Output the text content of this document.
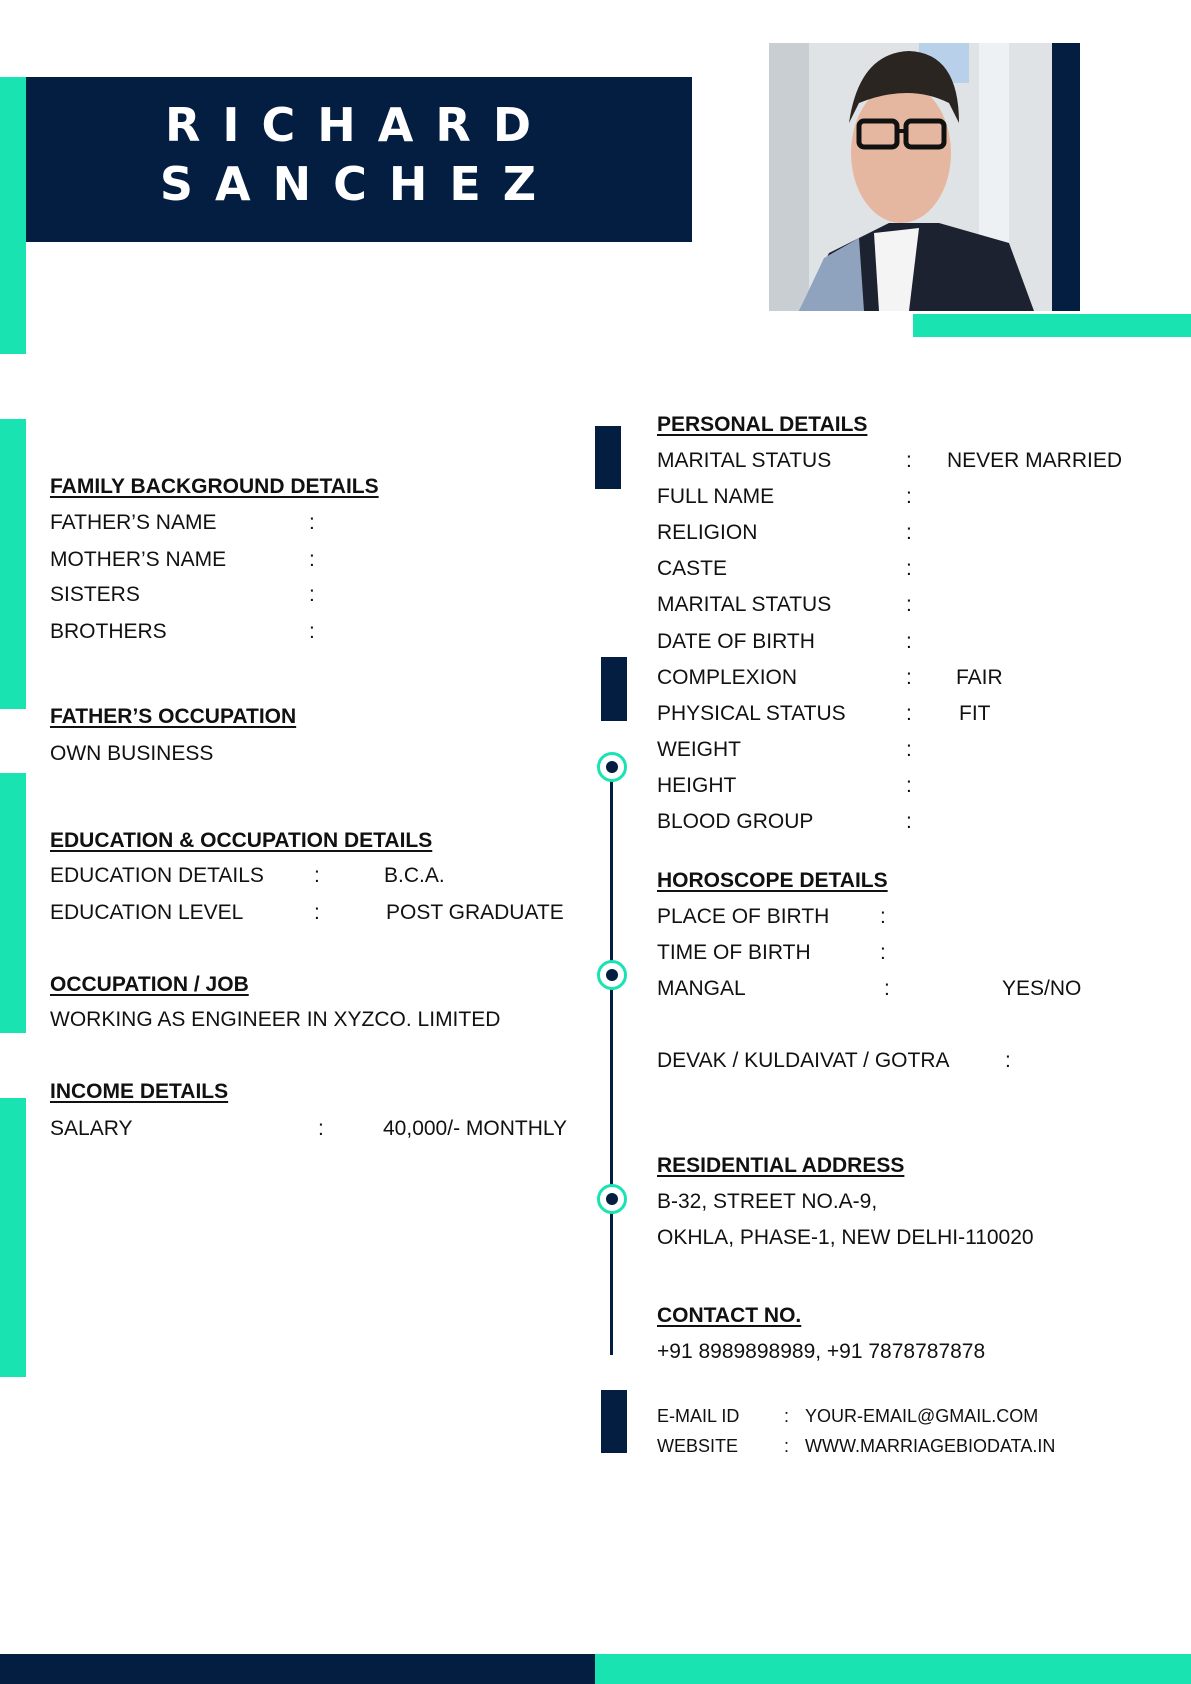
RICHARD
SANCHEZ
FAMILY BACKGROUND DETAILS
FATHER’S NAME	:
MOTHER’S NAME	:
SISTERS	:
BROTHERS	:
FATHER’S OCCUPATION
OWN BUSINESS
EDUCATION & OCCUPATION DETAILS
EDUCATION DETAILS :	B.C.A.
EDUCATION LEVEL	:	POST GRADUATE
OCCUPATION / JOB
WORKING AS ENGINEER IN XYZCO. LIMITED
INCOME DETAILS
SALARY	:	40,000/- MONTHLY
PERSONAL DETAILS
MARITAL STATUS	: NEVER MARRIED
FULL NAME	:
RELIGION	:
CASTE	:
MARITAL STATUS	:
DATE OF BIRTH	:
COMPLEXION	: FAIR
PHYSICAL STATUS	: FIT
WEIGHT	:
HEIGHT	:
BLOOD GROUP	:
HOROSCOPE DETAILS
PLACE OF BIRTH :
TIME OF BIRTH	:
MANGAL	:	YES/NO
DEVAK / KULDAIVAT / GOTRA	:
RESIDENTIAL ADDRESS
B-32, STREET NO.A-9,
OKHLA, PHASE-1, NEW DELHI-110020
CONTACT NO.
+91 8989898989, +91 7878787878
E-MAIL ID : YOUR-EMAIL@GMAIL.COM
WEBSITE	: WWW.MARRIAGEBIODATA.IN
